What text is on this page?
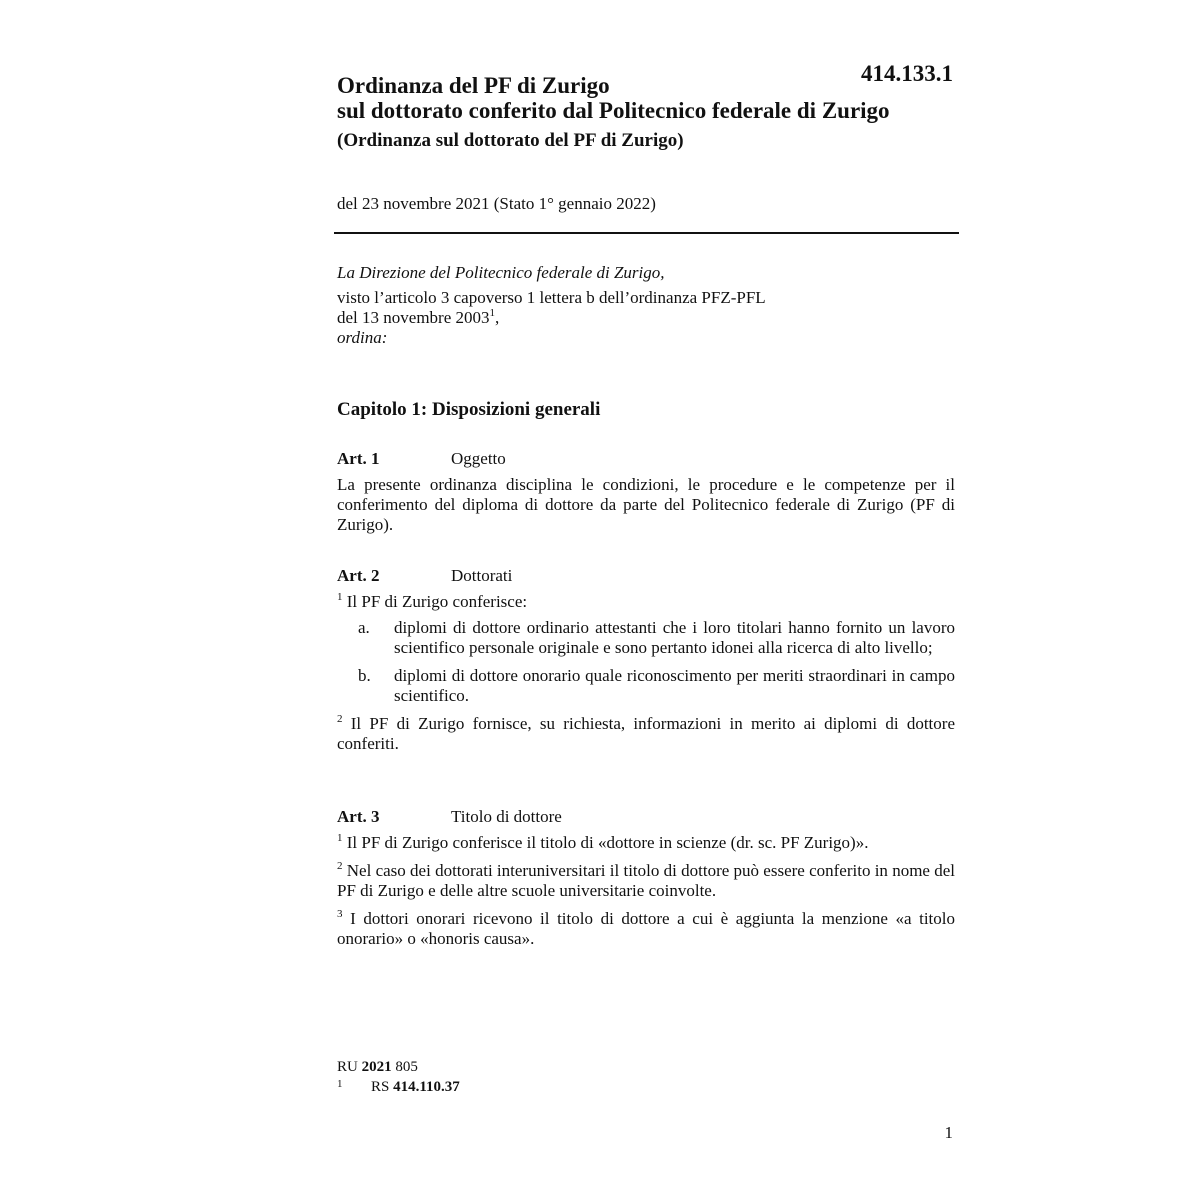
414.133.1
Ordinanza del PF di Zurigo
sul dottorato conferito dal Politecnico federale di Zurigo
(Ordinanza sul dottorato del PF di Zurigo)
del 23 novembre 2021 (Stato 1° gennaio 2022)
La Direzione del Politecnico federale di Zurigo,
visto l’articolo 3 capoverso 1 lettera b dell’ordinanza PFZ-PFL
del 13 novembre 2003$^1$,
ordina:
Capitolo 1: Disposizioni generali
Art. 1	Oggetto
La presente ordinanza disciplina le condizioni, le procedure e le competenze per il conferimento del diploma di dottore da parte del Politecnico federale di Zurigo (PF di Zurigo).
Art. 2	Dottorati
$^1$ Il PF di Zurigo conferisce:
a. diplomi di dottore ordinario attestanti che i loro titolari hanno fornito un lavoro scientifico personale originale e sono pertanto idonei alla ricerca di alto livello;
b. diplomi di dottore onorario quale riconoscimento per meriti straordinari in campo scientifico.
$^2$ Il PF di Zurigo fornisce, su richiesta, informazioni in merito ai diplomi di dottore conferiti.
Art. 3	Titolo di dottore
$^1$ Il PF di Zurigo conferisce il titolo di «dottore in scienze (dr. sc. PF Zurigo)».
$^2$ Nel caso dei dottorati interuniversitari il titolo di dottore può essere conferito in nome del PF di Zurigo e delle altre scuole universitarie coinvolte.
$^3$ I dottori onorari ricevono il titolo di dottore a cui è aggiunta la menzione «a titolo onorario» o «honoris causa».
RU 2021 805
1 RS 414.110.37
1
